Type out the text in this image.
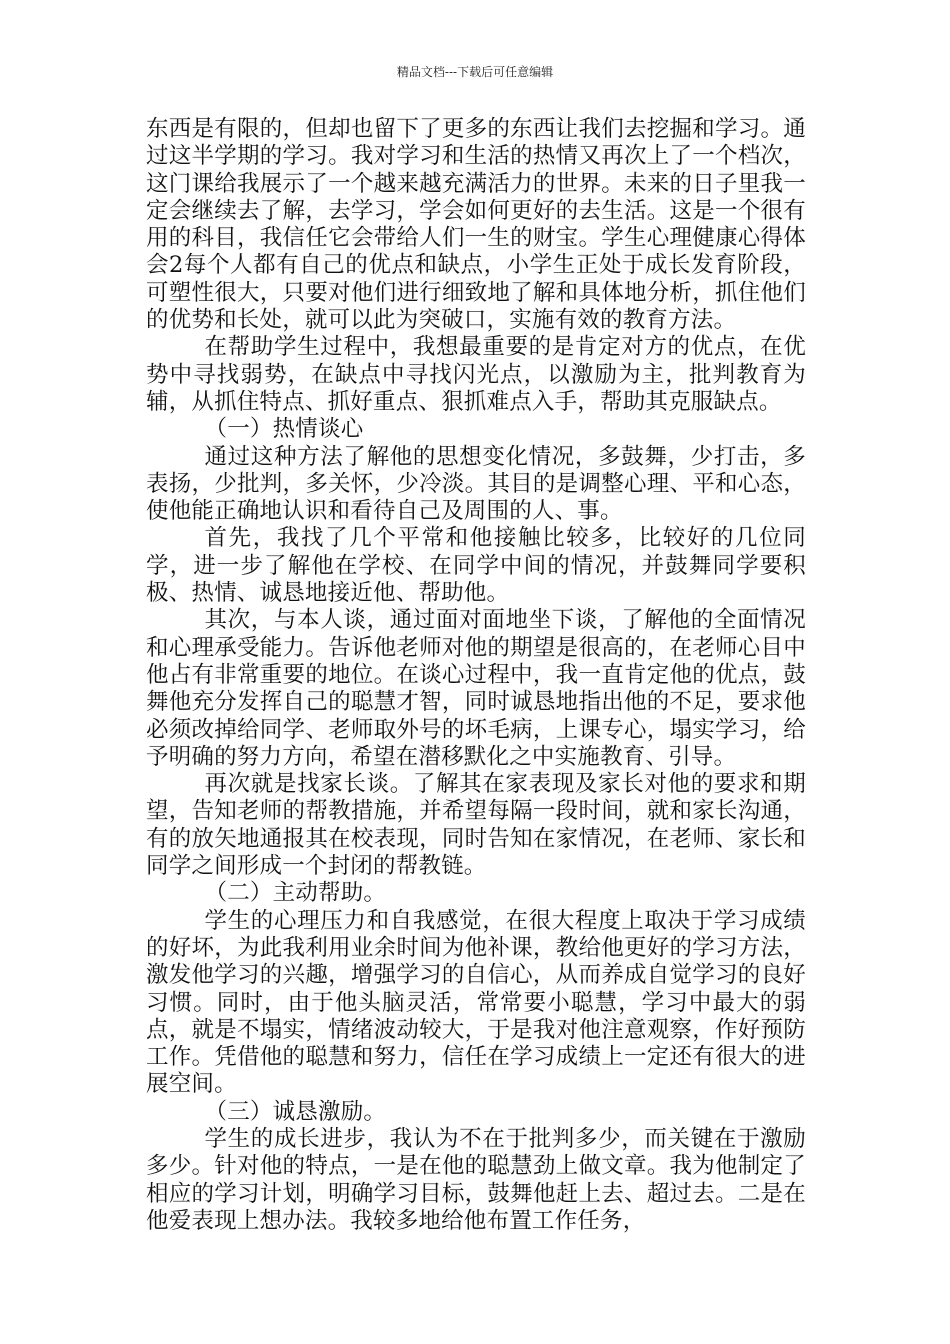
精品文档---下载后可任意编辑

东西是有限的，但却也留下了更多的东西让我们去挖掘和学习。通过这半学期的学习。我对学习和生活的热情又再次上了一个档次，这门课给我展示了一个越来越充满活力的世界。未来的日子里我一定会继续去了解，去学习，学会如何更好的去生活。这是一个很有用的科目，我信任它会带给人们一生的财宝。学生心理健康心得体会2每个人都有自己的优点和缺点，小学生正处于成长发育阶段，可塑性很大，只要对他们进行细致地了解和具体地分析，抓住他们的优势和长处，就可以此为突破口，实施有效的教育方法。

在帮助学生过程中，我想最重要的是肯定对方的优点，在优势中寻找弱势，在缺点中寻找闪光点，以激励为主，批判教育为辅，从抓住特点、抓好重点、狠抓难点入手，帮助其克服缺点。

（一）热情谈心

通过这种方法了解他的思想变化情况，多鼓舞，少打击，多表扬，少批判，多关怀，少冷淡。其目的是调整心理、平和心态，使他能正确地认识和看待自己及周围的人、事。

首先，我找了几个平常和他接触比较多，比较好的几位同学，进一步了解他在学校、在同学中间的情况，并鼓舞同学要积极、热情、诚恳地接近他、帮助他。

其次，与本人谈，通过面对面地坐下谈，了解他的全面情况和心理承受能力。告诉他老师对他的期望是很高的，在老师心目中他占有非常重要的地位。在谈心过程中，我一直肯定他的优点，鼓舞他充分发挥自己的聪慧才智，同时诚恳地指出他的不足，要求他必须改掉给同学、老师取外号的坏毛病，上课专心，塌实学习，给予明确的努力方向，希望在潜移默化之中实施教育、引导。

再次就是找家长谈。了解其在家表现及家长对他的要求和期望，告知老师的帮教措施，并希望每隔一段时间，就和家长沟通，有的放矢地通报其在校表现，同时告知在家情况，在老师、家长和同学之间形成一个封闭的帮教链。

（二）主动帮助。

学生的心理压力和自我感觉，在很大程度上取决于学习成绩的好坏，为此我利用业余时间为他补课，教给他更好的学习方法，激发他学习的兴趣，增强学习的自信心，从而养成自觉学习的良好习惯。同时，由于他头脑灵活，常常要小聪慧，学习中最大的弱点，就是不塌实，情绪波动较大，于是我对他注意观察，作好预防工作。凭借他的聪慧和努力，信任在学习成绩上一定还有很大的进展空间。

（三）诚恳激励。

学生的成长进步，我认为不在于批判多少，而关键在于激励多少。针对他的特点，一是在他的聪慧劲上做文章。我为他制定了相应的学习计划，明确学习目标，鼓舞他赶上去、超过去。二是在他爱表现上想办法。我较多地给他布置工作任务，
